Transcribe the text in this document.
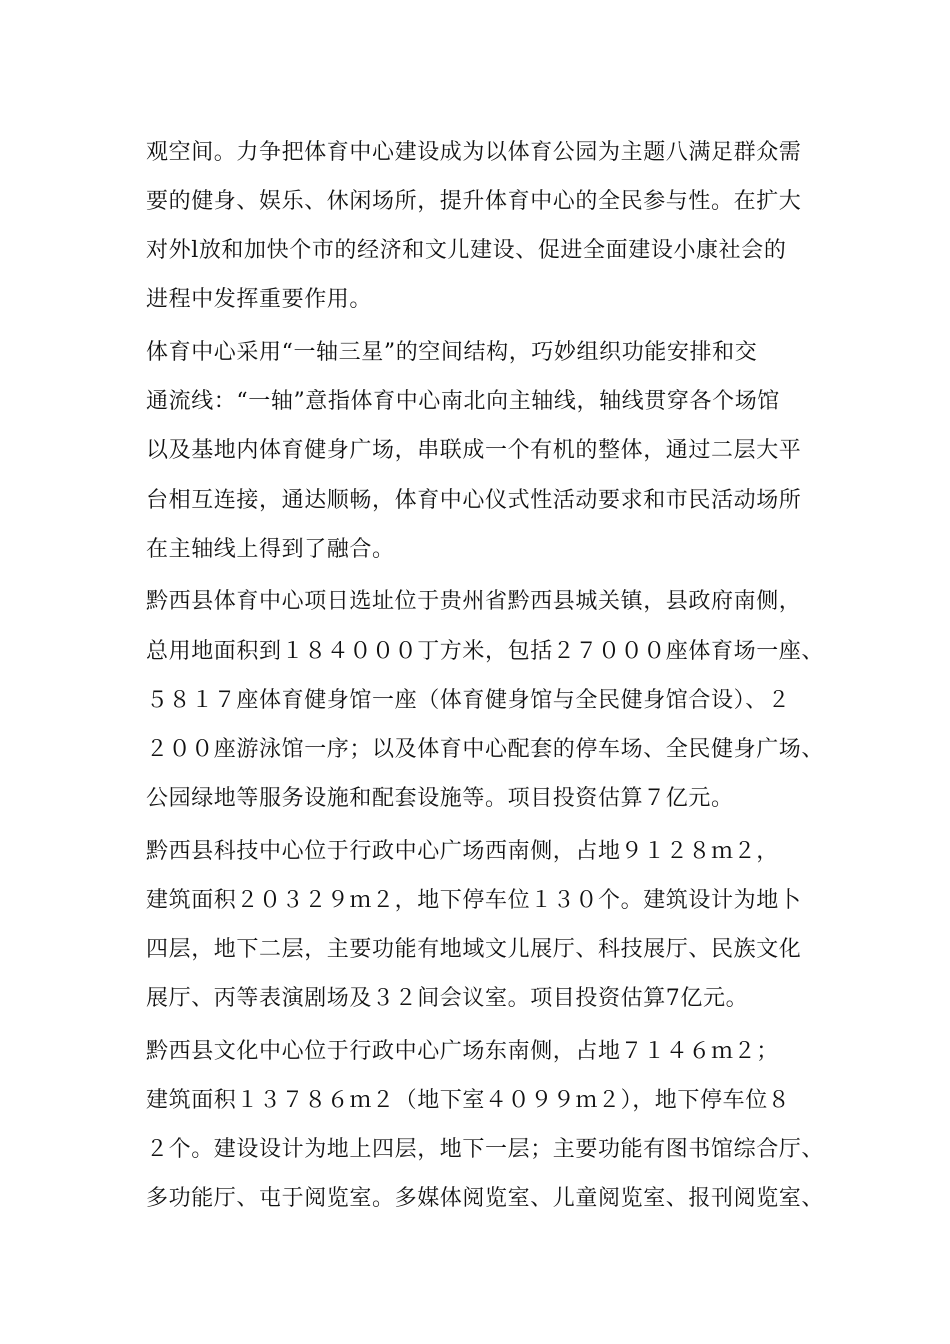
观空间。力争把体育中心建设成为以体育公园为主题八满足群众需
要的健身、娱乐、休闲场所，提升体育中心的全民参与性。在扩大
对外l放和加快个市的经济和文儿建设、促进全面建设小康社会的
进程中发挥重要作用。
体育中心采用“一轴三星”的空间结构，巧妙组织功能安排和交
通流线：“一轴”意指体育中心南北向主轴线，轴线贯穿各个场馆
以及基地内体育健身广场，串联成一个有机的整体，通过二层大平
台相互连接，通达顺畅，体育中心仪式性活动要求和市民活动场所
在主轴线上得到了融合。
黔西县体育中心项日选址位于贵州省黔西县城关镇，县政府南侧，
总用地面积到１８４０００丁方米，包括２７０００座体育场一座、
５８１７座体育健身馆一座（体育健身馆与全民健身馆合设）、２
２００座游泳馆一序；以及体育中心配套的停车场、全民健身广场、
公园绿地等服务设施和配套设施等。项目投资估算７亿元。
黔西县科技中心位于行政中心广场西南侧，占地９１２８ｍ２，
建筑面积２０３２９ｍ２，地下停车位１３０个。建筑设计为地卜
四层，地下二层，主要功能有地域文儿展厅、科技展厅、民族文化
展厅、丙等表演剧场及３２间会议室。项目投资估算7亿元。
黔西县文化中心位于行政中心广场东南侧，占地７１４６ｍ２；
建筑面积１３７８６ｍ２（地下室４０９９ｍ２），地下停车位８
２个。建设设计为地上四层，地下一层；主要功能有图书馆综合厅、
多功能厅、屯于阅览室。多媒体阅览室、儿童阅览室、报刊阅览室、
